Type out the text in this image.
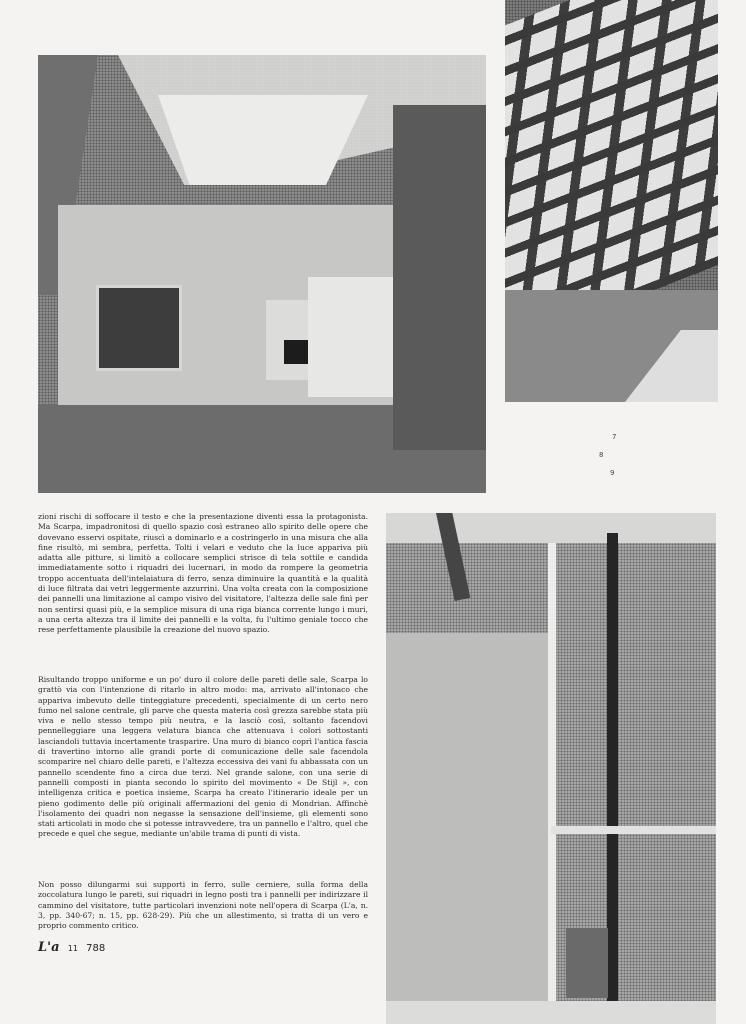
7
8
9

zioni rischi di soffocare il testo e che la presentazione diventi essa la protagonista. Ma Scarpa, impadronitosi di quello spazio così estraneo allo spirito delle opere che dovevano esservi ospitate, riuscì a dominarlo e a costringerlo in una misura che alla fine risultò, mi sembra, perfetta. Tolti i velari e veduto che la luce appariva più adatta alle pitture, si limitò a collocare semplici strisce di tela sottile e candida immediatamente sotto i riquadri dei lucernari, in modo da rompere la geometria troppo accentuata dell'intelaiatura di ferro, senza diminuire la quantità e la qualità di luce filtrata dai vetri leggermente azzurrini. Una volta creata con la composizione dei pannelli una limitazione al campo visivo del visitatore, l'altezza delle sale finì per non sentirsi quasi più, e la semplice misura di una riga bianca corrente lungo i muri, a una certa altezza tra il limite dei pannelli e la volta, fu l'ultimo geniale tocco che rese perfettamente plausibile la creazione del nuovo spazio.

Risultando troppo uniforme e un po' duro il colore delle pareti delle sale, Scarpa lo grattò via con l'intenzione di ritarlo in altro modo: ma, arrivato all'intonaco che appariva imbevuto delle tinteggiature precedenti, specialmente di un certo nero fumo nel salone centrale, gli parve che questa materia così grezza sarebbe stata più viva e nello stesso tempo più neutra, e la lasciò così, soltanto facendovi pennelleggiare una leggera velatura bianca che attenuava i colori sottostanti lasciandoli tuttavia incertamente trasparire. Una muro di bianco coprì l'antica fascia di travertino intorno alle grandi porte di comunicazione delle sale facendola scomparire nel chiaro delle pareti, e l'altezza eccessiva dei vani fu abbassata con un pannello scendente fino a circa due terzi. Nel grande salone, con una serie di pannelli composti in pianta secondo lo spirito del movimento « De Stijl », con intelligenza critica e poetica insieme, Scarpa ha creato l'itinerario ideale per un pieno godimento delle più originali affermazioni del genio di Mondrian. Affinchè l'isolamento dei quadri non negasse la sensazione dell'insieme, gli elementi sono stati articolati in modo che si potesse intravvedere, tra un pannello e l'altro, quel che precede e quel che segue, mediante un'abile trama di punti di vista.

Non posso dilungarmi sui supporti in ferro, sulle cerniere, sulla forma della zoccolatura lungo le pareti, sui riquadri in legno posti tra i pannelli per indirizzare il cammino del visitatore, tutte particolari invenzioni note nell'opera di Scarpa (L'a, n. 3, pp. 340-67; n. 15, pp. 628-29). Più che un allestimento, si tratta di un vero e proprio commento critico.

L'a 11 788
